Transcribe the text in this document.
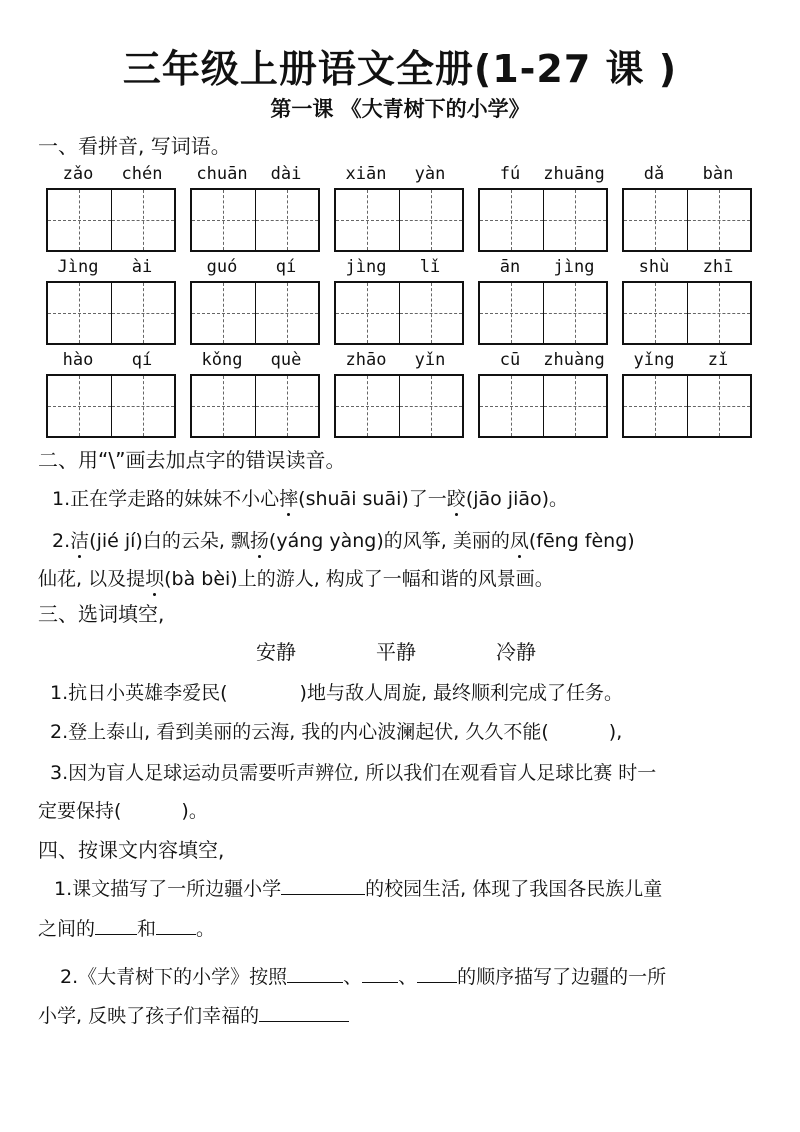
三年级上册语文全册(1-27 课 )
第一课 《大青树下的小学》
一、看拼音, 写词语。
zǎo	chén	chuān	dài	xiān	yàn	fú	zhuāng	dǎ	bàn
Jìng	ài	guó	qí	jìng	lǐ	ān	jìng	shù	zhī
hào	qí	kǒng	què	zhāo	yǐn	cū	zhuàng	yǐng	zǐ
二、用“\”画去加点字的错误读音。
1.正在学走路的妹妹不小心摔(shuāi suāi)了一跤(jāo jiāo)。
2.洁(jié jí)白的云朵, 飘扬(yáng yàng)的风筝, 美丽的凤(fēng fèng)
仙花, 以及提坝(bà bèi)上的游人, 构成了一幅和谐的风景画。
三、选词填空,
安静	平静	冷静
1.抗日小英雄李爱民(	)地与敌人周旋, 最终顺利完成了任务。
2.登上泰山, 看到美丽的云海, 我的内心波澜起伏, 久久不能(	),
3.因为盲人足球运动员需要听声辨位, 所以我们在观看盲人足球比赛 时一
定要保持(	)。
四、按课文内容填空,
1.课文描写了一所边疆小学	的校园生活, 体现了我国各民族儿童
之间的 和 。
2.《大青树下的小学》按照	、 、 的顺序描写了边疆的一所
小学, 反映了孩子们幸福的
